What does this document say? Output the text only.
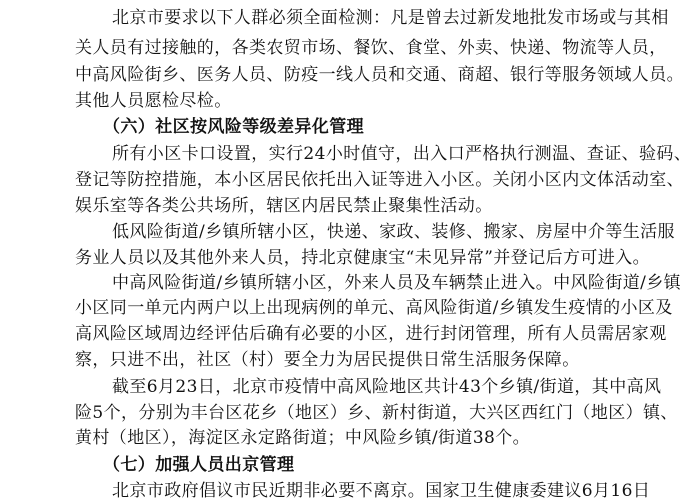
北京市要求以下人群必须全面检测：凡是曾去过新发地批发市场或与其相
关人员有过接触的，各类农贸市场、餐饮、食堂、外卖、快递、物流等人员，
中高风险街乡、医务人员、防疫一线人员和交通、商超、银行等服务领域人员。
其他人员愿检尽检。
（六）社区按风险等级差异化管理
所有小区卡口设置，实行24小时值守，出入口严格执行测温、查证、验码、
登记等防控措施，本小区居民依托出入证等进入小区。关闭小区内文体活动室、
娱乐室等各类公共场所，辖区内居民禁止聚集性活动。
低风险街道/乡镇所辖小区，快递、家政、装修、搬家、房屋中介等生活服
务业人员以及其他外来人员，持北京健康宝“未见异常”并登记后方可进入。
中高风险街道/乡镇所辖小区，外来人员及车辆禁止进入。中风险街道/乡镇
小区同一单元内两户以上出现病例的单元、高风险街道/乡镇发生疫情的小区及
高风险区域周边经评估后确有必要的小区，进行封闭管理，所有人员需居家观
察，只进不出，社区（村）要全力为居民提供日常生活服务保障。
截至6月23日，北京市疫情中高风险地区共计43个乡镇/街道，其中高风
险5个，分别为丰台区花乡（地区）乡、新村街道，大兴区西红门（地区）镇、
黄村（地区），海淀区永定路街道；中风险乡镇/街道38个。
（七）加强人员出京管理
北京市政府倡议市民近期非必要不离京。国家卫生健康委建议6月16日
